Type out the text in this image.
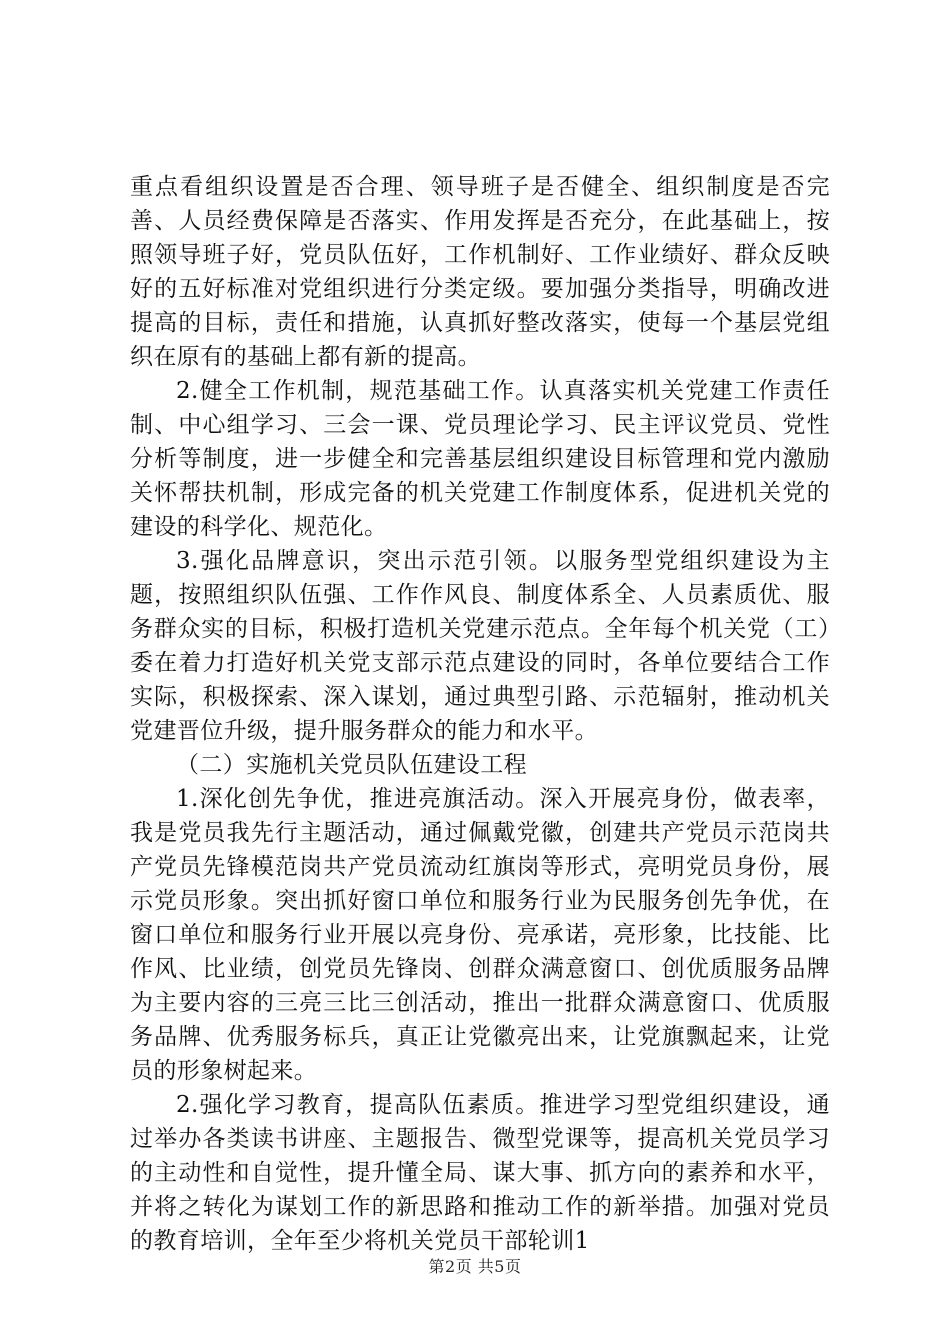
重点看组织设置是否合理、领导班子是否健全、组织制度是否完善、人员经费保障是否落实、作用发挥是否充分，在此基础上，按照领导班子好，党员队伍好，工作机制好、工作业绩好、群众反映好的五好标准对党组织进行分类定级。要加强分类指导，明确改进提高的目标，责任和措施，认真抓好整改落实，使每一个基层党组织在原有的基础上都有新的提高。

2.健全工作机制，规范基础工作。认真落实机关党建工作责任制、中心组学习、三会一课、党员理论学习、民主评议党员、党性分析等制度，进一步健全和完善基层组织建设目标管理和党内激励关怀帮扶机制，形成完备的机关党建工作制度体系，促进机关党的建设的科学化、规范化。

3.强化品牌意识，突出示范引领。以服务型党组织建设为主题，按照组织队伍强、工作作风良、制度体系全、人员素质优、服务群众实的目标，积极打造机关党建示范点。全年每个机关党（工）委在着力打造好机关党支部示范点建设的同时，各单位要结合工作实际，积极探索、深入谋划，通过典型引路、示范辐射，推动机关党建晋位升级，提升服务群众的能力和水平。

（二）实施机关党员队伍建设工程

1.深化创先争优，推进亮旗活动。深入开展亮身份，做表率，我是党员我先行主题活动，通过佩戴党徽，创建共产党员示范岗共产党员先锋模范岗共产党员流动红旗岗等形式，亮明党员身份，展示党员形象。突出抓好窗口单位和服务行业为民服务创先争优，在窗口单位和服务行业开展以亮身份、亮承诺，亮形象，比技能、比作风、比业绩，创党员先锋岗、创群众满意窗口、创优质服务品牌为主要内容的三亮三比三创活动，推出一批群众满意窗口、优质服务品牌、优秀服务标兵，真正让党徽亮出来，让党旗飘起来，让党员的形象树起来。

2.强化学习教育，提高队伍素质。推进学习型党组织建设，通过举办各类读书讲座、主题报告、微型党课等，提高机关党员学习的主动性和自觉性，提升懂全局、谋大事、抓方向的素养和水平，并将之转化为谋划工作的新思路和推动工作的新举措。加强对党员的教育培训，全年至少将机关党员干部轮训1

第2页 共5页
